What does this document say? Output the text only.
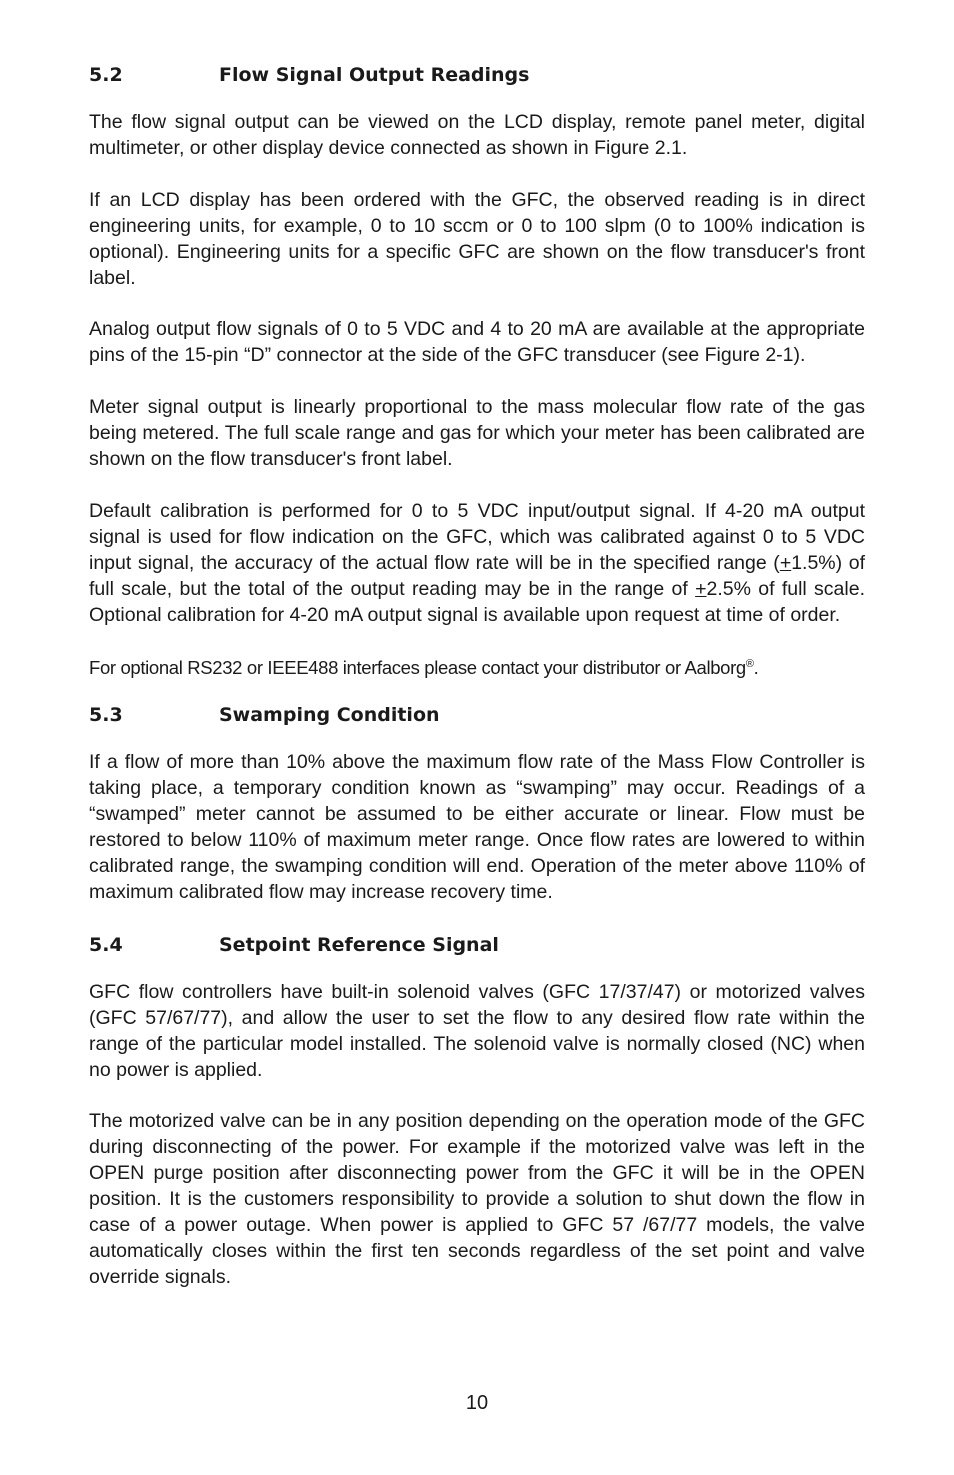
5.2	Flow Signal Output Readings

The flow signal output can be viewed on the LCD display, remote panel meter, digital multimeter, or other display device connected as shown in Figure 2.1.

If an LCD display has been ordered with the GFC, the observed reading is in direct engineering units, for example, 0 to 10 sccm or 0 to 100 slpm (0 to 100% indication is optional). Engineering units for a specific GFC are shown on the flow transducer's front label.

Analog output flow signals of 0 to 5 VDC and 4 to 20 mA are available at the appropriate pins of the 15-pin “D” connector at the side of the GFC transducer (see Figure 2-1).

Meter signal output is linearly proportional to the mass molecular flow rate of the gas being metered. The full scale range and gas for which your meter has been calibrated are shown on the flow transducer's front label.

Default calibration is performed for 0 to 5 VDC input/output signal. If 4-20 mA output signal is used for flow indication on the GFC, which was calibrated against 0 to 5 VDC input signal, the accuracy of the actual flow rate will be in the specified range (+1.5%) of full scale, but the total of the output reading may be in the range of +2.5% of full scale. Optional calibration for 4-20 mA output signal is available upon request at time of order.

For optional RS232 or IEEE488 interfaces please contact your distributor or Aalborg®.

5.3	Swamping Condition

If a flow of more than 10% above the maximum flow rate of the Mass Flow Controller is taking place, a temporary condition known as “swamping” may occur. Readings of a “swamped” meter cannot be assumed to be either accurate or linear. Flow must be restored to below 110% of maximum meter range. Once flow rates are lowered to within calibrated range, the swamping condition will end. Operation of the meter above 110% of maximum calibrated flow may increase recovery time.

5.4	Setpoint Reference Signal

GFC flow controllers have built-in solenoid valves (GFC 17/37/47) or motorized valves (GFC 57/67/77), and allow the user to set the flow to any desired flow rate within the range of the particular model installed. The solenoid valve is normally closed (NC) when no power is applied.

The motorized valve can be in any position depending on the operation mode of the GFC during disconnecting of the power. For example if the motorized valve was left in the OPEN purge position after disconnecting power from the GFC it will be in the OPEN position. It is the customers responsibility to provide a solution to shut down the flow in case of a power outage. When power is applied to GFC 57 /67/77 models, the valve automatically closes within the first ten seconds regardless of the set point and valve override signals.

10
